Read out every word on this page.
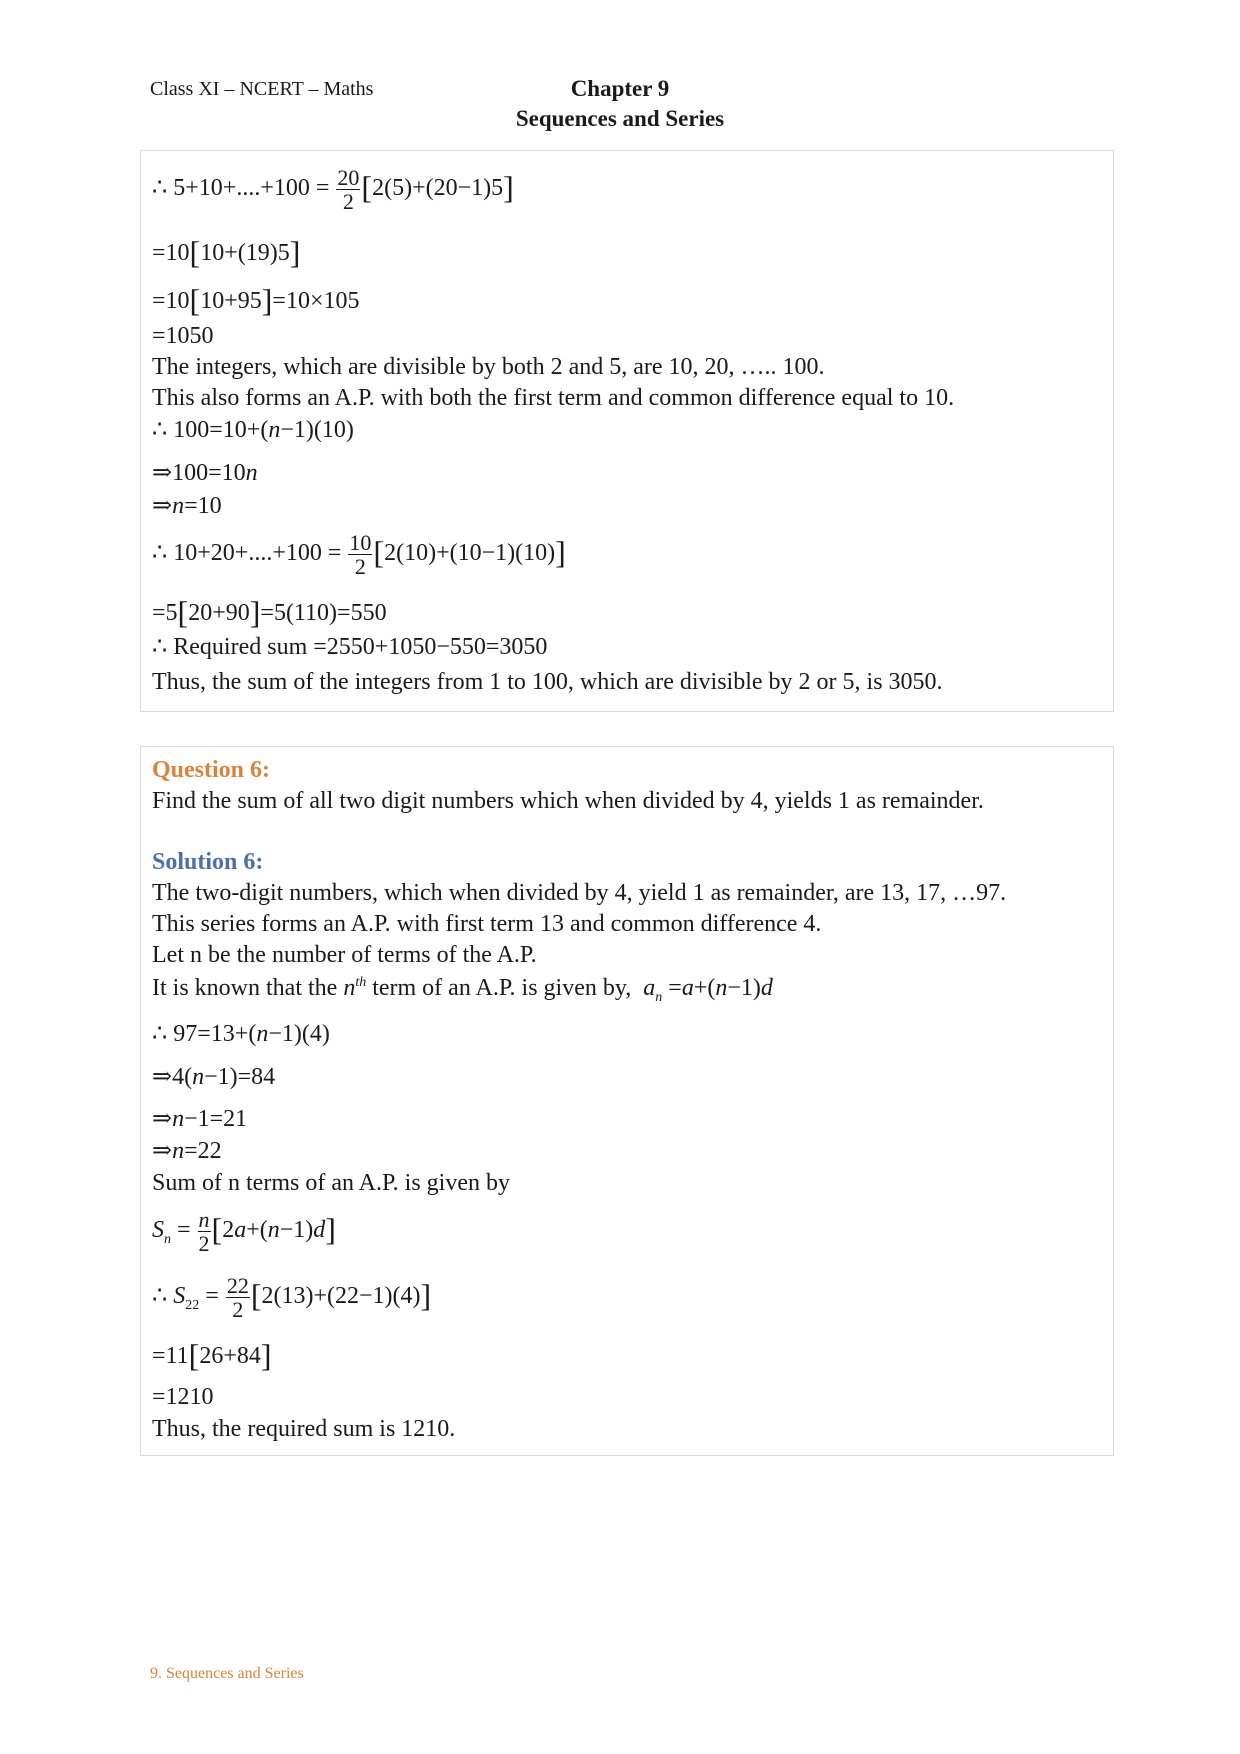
Class XI – NCERT – Maths	Chapter 9
Sequences and Series
∴ $5+10+....+100 = \frac{20}{2} [2(5)+(20-1)5]$
=10[10+(19)5]
=10[10+95]=10×105
=1050
The integers, which are divisible by both 2 and 5, are 10, 20, ….. 100.
This also forms an A.P. with both the first term and common difference equal to 10.
∴ 100=10+(n−1)(10)
⇒100=10n
⇒n=10
∴ $10+20+....+100 = \frac{10}{2} [2(10)+(10-1)(10)]$
=5[20+90]=5(110)=550
∴ Required sum =2550+1050−550=3050
Thus, the sum of the integers from 1 to 100, which are divisible by 2 or 5, is 3050.
Question 6:
Find the sum of all two digit numbers which when divided by 4, yields 1 as remainder.
Solution 6:
The two-digit numbers, which when divided by 4, yield 1 as remainder, are 13, 17, …97.
This series forms an A.P. with first term 13 and common difference 4.
Let n be the number of terms of the A.P.
It is known that the $n^{th}$ term of an A.P. is given by, $a_n =a+(n-1)d$
∴ 97=13+(n−1)(4)
⇒4(n−1)=84
⇒n−1=21
⇒n=22
Sum of n terms of an A.P. is given by
$S_n = \frac{n}{2} [2a+(n-1)d]$
∴ $S_{22} = \frac{22}{2} [2(13)+(22-1)(4)]$
=11[26+84]
=1210
Thus, the required sum is 1210.
9. Sequences and Series
